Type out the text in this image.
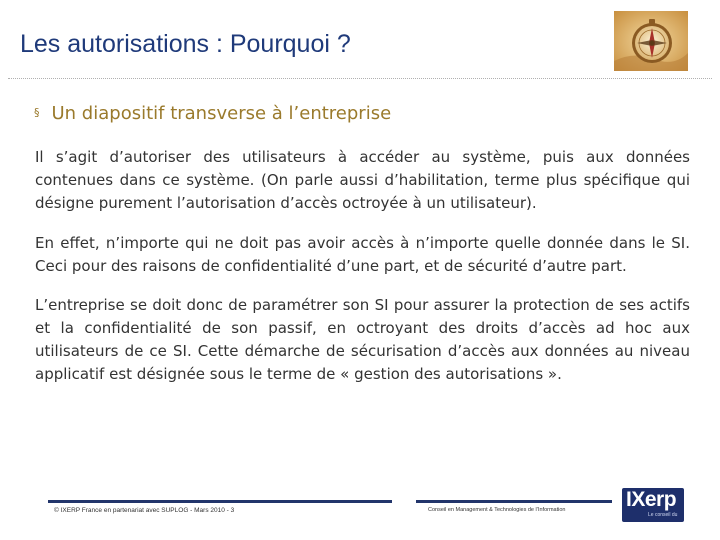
Les autorisations : Pourquoi ?
§ Un diapositif transverse à l’entreprise

Il s’agit d’autoriser des utilisateurs à accéder au système, puis aux données contenues dans ce système. (On parle aussi d’habilitation, terme plus spécifique qui désigne purement l’autorisation d’accès octroyée à un utilisateur).

En effet, n’importe qui ne doit pas avoir accès à n’importe quelle donnée dans le SI. Ceci pour des raisons de confidentialité d’une part, et de sécurité d’autre part.

L’entreprise se doit donc de paramétrer son SI pour assurer la protection de ses actifs et la confidentialité de son passif, en octroyant des droits d’accès ad hoc aux utilisateurs de ce SI. Cette démarche de sécurisation d’accès aux données au niveau applicatif est désignée sous le terme de « gestion des autorisations ».

© IXERP France en partenariat avec SUPLOG - Mars 2010 - 3	Conseil en Management & Technologies de l’Information	IXerp
Le conseil du
